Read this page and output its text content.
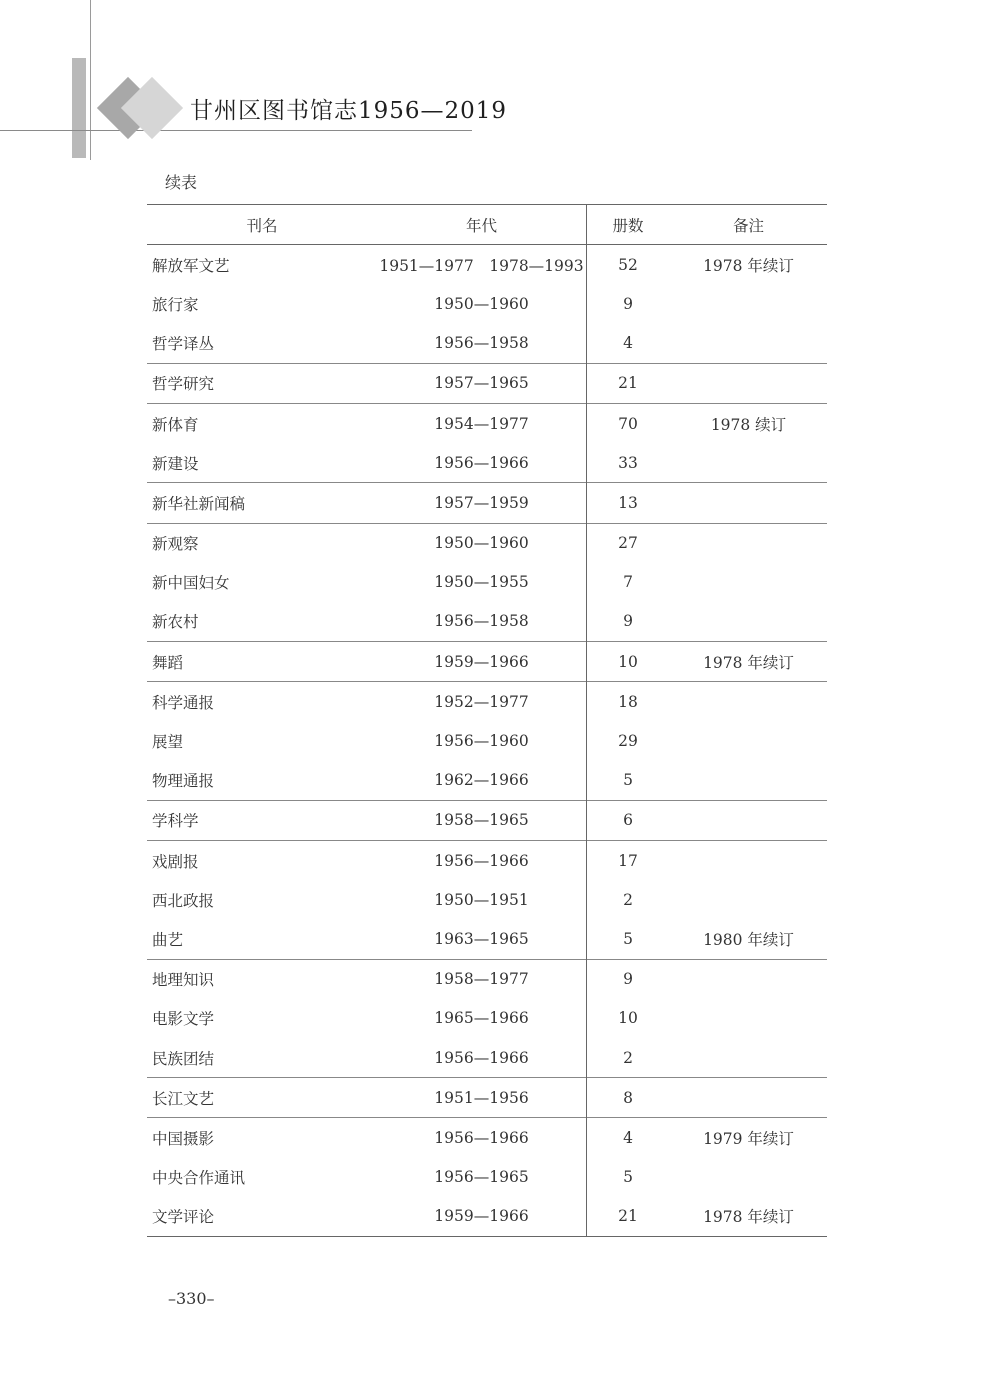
甘州区图书馆志1956—2019
续表
刊名	年代	册数	备注
解放军文艺	1951—1977　1978—1993	52	1978 年续订
旅行家	1950—1960	9
哲学译丛	1956—1958	4
哲学研究	1957—1965	21
新体育	1954—1977	70	1978 续订
新建设	1956—1966	33
新华社新闻稿	1957—1959	13
新观察	1950—1960	27
新中国妇女	1950—1955	7
新农村	1956—1958	9
舞蹈	1959—1966	10	1978 年续订
科学通报	1952—1977	18
展望	1956—1960	29
物理通报	1962—1966	5
学科学	1958—1965	6
戏剧报	1956—1966	17
西北政报	1950—1951	2
曲艺	1963—1965	5	1980 年续订
地理知识	1958—1977	9
电影文学	1965—1966	10
民族团结	1956—1966	2
长江文艺	1951—1956	8
中国摄影	1956—1966	4	1979 年续订
中央合作通讯	1956—1965	5
文学评论	1959—1966	21	1978 年续订
–330–
